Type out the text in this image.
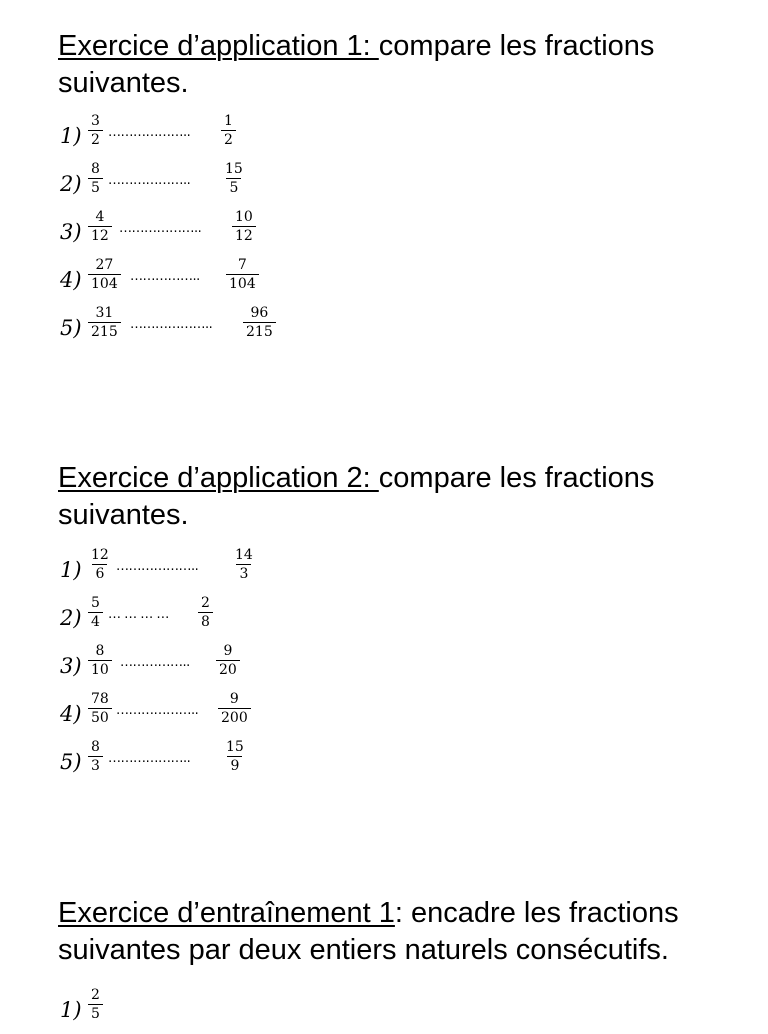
Exercice d’application 1: compare les fractions suivantes.
$1) \frac{3}{2}$ ……………….. $\frac{1}{2}$
$2) \frac{8}{5}$ ……………….. $\frac{15}{5}$
$3) \frac{4}{12}$ ……………….. $\frac{10}{12}$
$4) \frac{27}{104}$ …………….. $\frac{7}{104}$
$5) \frac{31}{215}$ ……………….. $\frac{96}{215}$
Exercice d’application 2: compare les fractions suivantes.
$1) \frac{12}{6}$ ……………….. $\frac{14}{3}$
$2) \frac{5}{4}$ … … … … $\frac{2}{8}$
$3) \frac{8}{10}$ …………….. $\frac{9}{20}$
$4) \frac{78}{50}$ ……………….. $\frac{9}{200}$
$5) \frac{8}{3}$ ……………….. $\frac{15}{9}$
Exercice d’entraînement 1: encadre les fractions suivantes par deux entiers naturels consécutifs.
$1) \frac{2}{5}$
